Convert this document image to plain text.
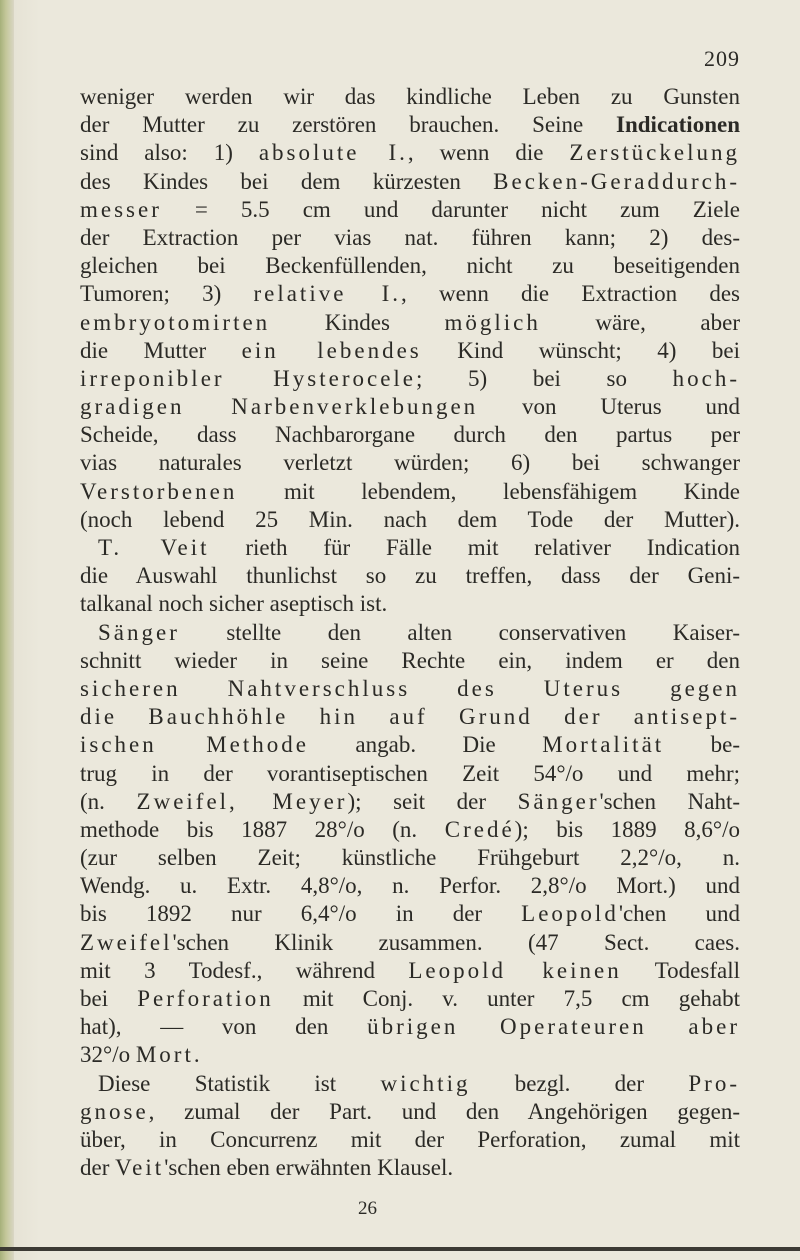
209
weniger werden wir das kindliche Leben zu Gunsten
der Mutter zu zerstören brauchen. Seine Indicationen
sind also: 1) absolute I., wenn die Zerstückelung
des Kindes bei dem kürzesten Becken-Geraddurch-
messer = 5.5 cm und darunter nicht zum Ziele
der Extraction per vias nat. führen kann; 2) des-
gleichen bei Beckenfüllenden, nicht zu beseitigenden
Tumoren; 3) relative I., wenn die Extraction des
embryotomirten Kindes möglich wäre, aber
die Mutter ein lebendes Kind wünscht; 4) bei
irreponibler Hysterocele; 5) bei so hoch-
gradigen Narbenverklebungen von Uterus und
Scheide, dass Nachbarorgane durch den partus per
vias naturales verletzt würden; 6) bei schwanger
Verstorbenen mit lebendem, lebensfähigem Kinde
(noch lebend 25 Min. nach dem Tode der Mutter).
T. Veit rieth für Fälle mit relativer Indication
die Auswahl thunlichst so zu treffen, dass der Geni-
talkanal noch sicher aseptisch ist.
Sänger stellte den alten conservativen Kaiser-
schnitt wieder in seine Rechte ein, indem er den
sicheren Nahtverschluss des Uterus gegen
die Bauchhöhle hin auf Grund der antisept-
ischen Methode angab. Die Mortalität be-
trug in der vorantiseptischen Zeit 54°/o und mehr;
(n. Zweifel, Meyer); seit der Sänger'schen Naht-
methode bis 1887 28°/o (n. Credé); bis 1889 8,6°/o
(zur selben Zeit; künstliche Frühgeburt 2,2°/o, n.
Wendg. u. Extr. 4,8°/o, n. Perfor. 2,8°/o Mort.) und
bis 1892 nur 6,4°/o in der Leopold'chen und
Zweifel'schen Klinik zusammen. (47 Sect. caes.
mit 3 Todesf., während Leopold keinen Todesfall
bei Perforation mit Conj. v. unter 7,5 cm gehabt
hat), — von den übrigen Operateuren aber
32°/o Mort.
Diese Statistik ist wichtig bezgl. der Pro-
gnose, zumal der Part. und den Angehörigen gegen-
über, in Concurrenz mit der Perforation, zumal mit
der Veit'schen eben erwähnten Klausel.
26
